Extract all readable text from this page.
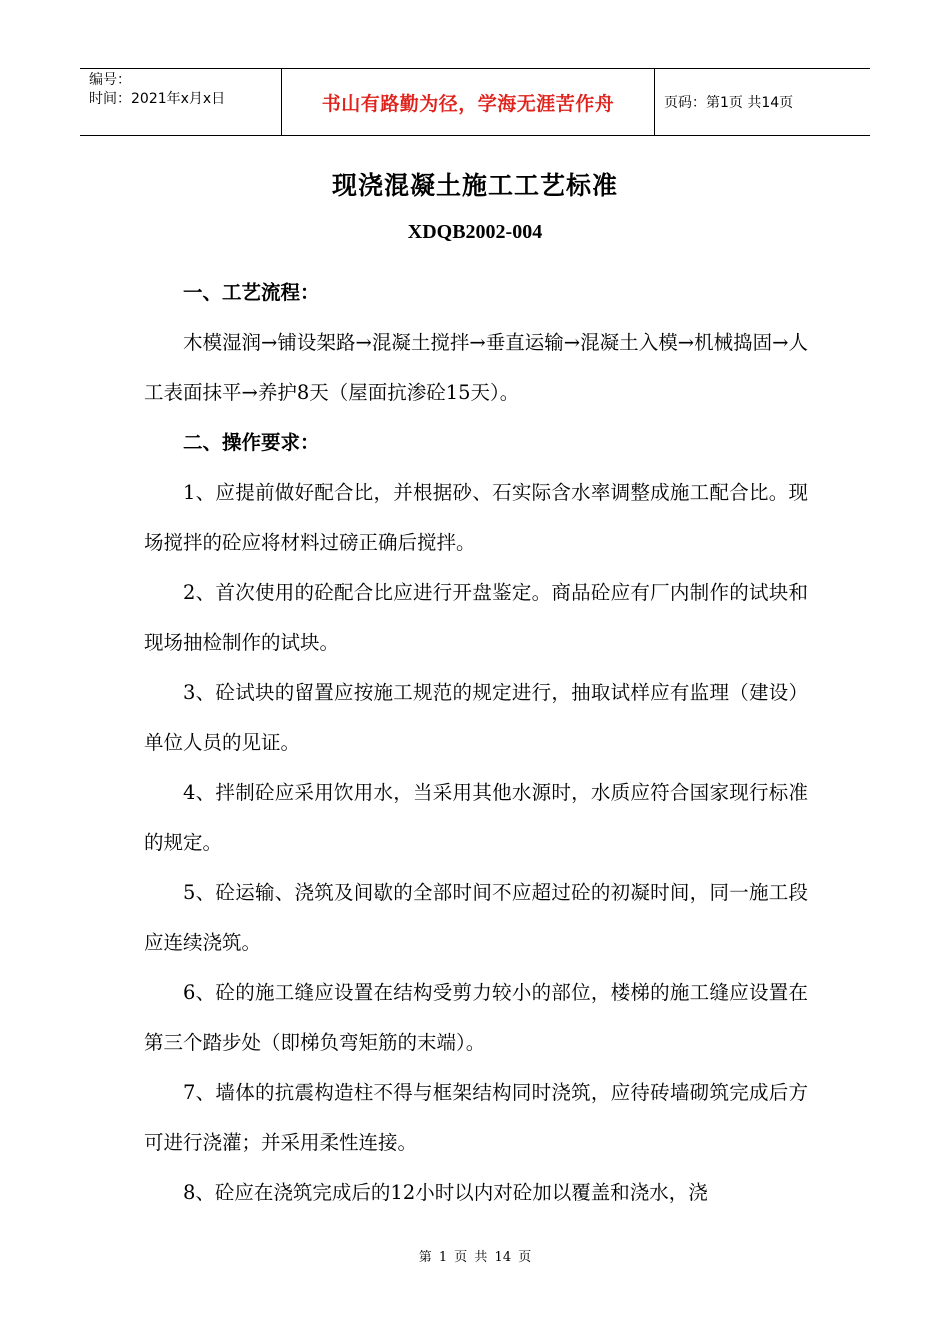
编号：
时间：2021年x月x日	书山有路勤为径，学海无涯苦作舟	页码：第1页 共14页
现浇混凝土施工工艺标准
XDQB2002-004

一、工艺流程：

木模湿润→铺设架路→混凝土搅拌→垂直运输→混凝土入模→机械捣固→人工表面抹平→养护8天（屋面抗渗砼15天）。

二、操作要求：

1、应提前做好配合比，并根据砂、石实际含水率调整成施工配合比。现场搅拌的砼应将材料过磅正确后搅拌。

2、首次使用的砼配合比应进行开盘鉴定。商品砼应有厂内制作的试块和现场抽检制作的试块。

3、砼试块的留置应按施工规范的规定进行，抽取试样应有监理（建设）单位人员的见证。

4、拌制砼应采用饮用水，当采用其他水源时，水质应符合国家现行标准的规定。

5、砼运输、浇筑及间歇的全部时间不应超过砼的初凝时间，同一施工段应连续浇筑。

6、砼的施工缝应设置在结构受剪力较小的部位，楼梯的施工缝应设置在第三个踏步处（即梯负弯矩筋的末端）。

7、墙体的抗震构造柱不得与框架结构同时浇筑，应待砖墙砌筑完成后方可进行浇灌；并采用柔性连接。

8、砼应在浇筑完成后的12小时以内对砼加以覆盖和浇水，浇

第 1 页 共 14 页
